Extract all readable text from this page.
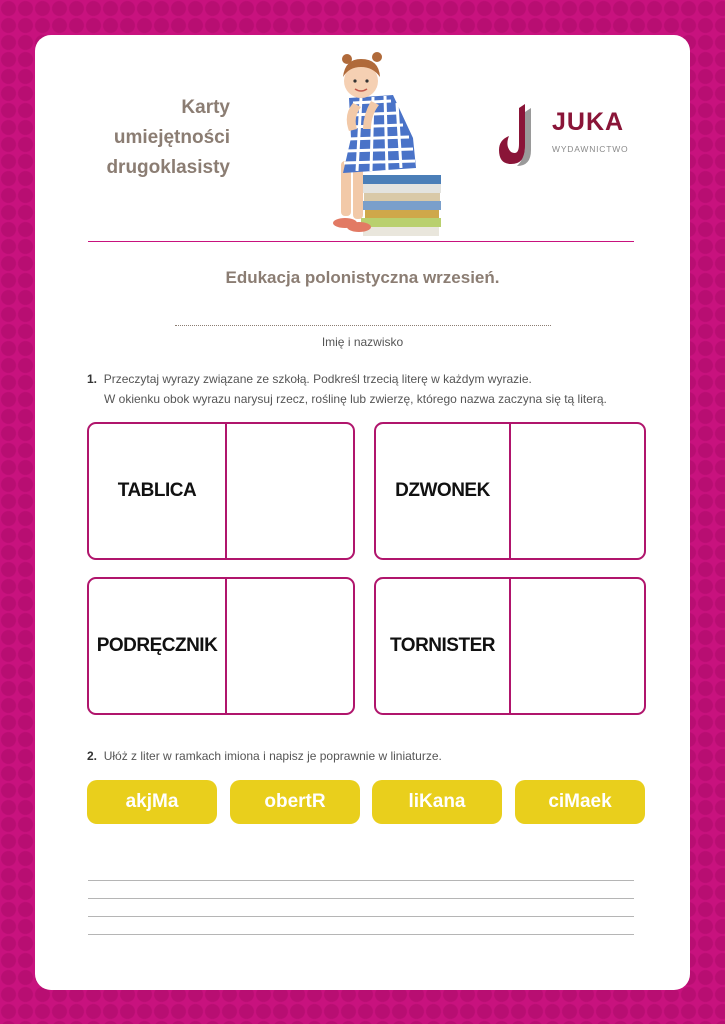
Karty
umiejętności
drugoklasisty
JUKA
WYDAWNICTWO
Edukacja polonistyczna wrzesień.
Imię i nazwisko
1. Przeczytaj wyrazy związane ze szkołą. Podkreśl trzecią literę w każdym wyrazie.
W okienku obok wyrazu narysuj rzecz, roślinę lub zwierzę, którego nazwa zaczyna się tą literą.
TABLICA	DZWONEK
PODRĘCZNIK	TORNISTER
2. Ułóż z liter w ramkach imiona i napisz je poprawnie w liniaturze.
akjMa	obertR	liKana	ciMaek
